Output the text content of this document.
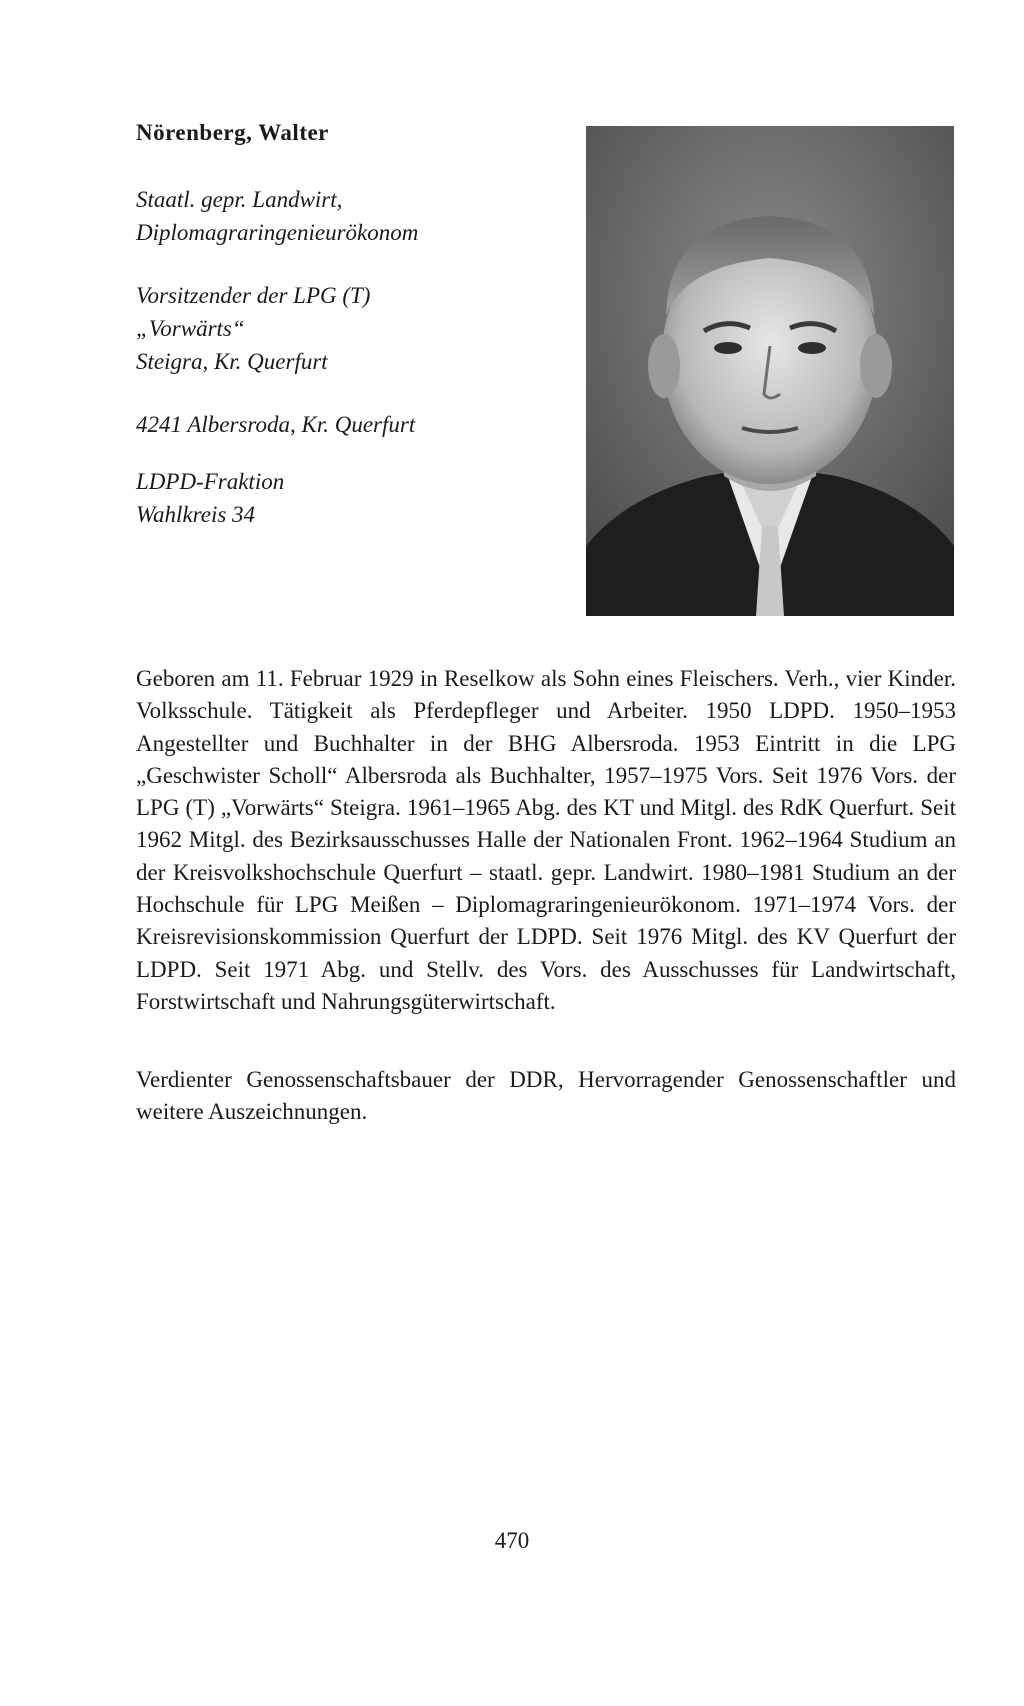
Nörenberg, Walter
Staatl. gepr. Landwirt,
Diplomagraringenieurökonom
Vorsitzender der LPG (T)
„Vorwärts“
Steigra, Kr. Querfurt
4241 Albersroda, Kr. Querfurt
LDPD-Fraktion
Wahlkreis 34

Geboren am 11. Februar 1929 in Reselkow als Sohn eines Fleischers. Verh., vier Kinder. Volksschule. Tätigkeit als Pferdepfleger und Arbeiter. 1950 LDPD. 1950–1953 Angestellter und Buchhalter in der BHG Albersroda. 1953 Eintritt in die LPG „Geschwister Scholl“ Albersroda als Buchhalter, 1957–1975 Vors. Seit 1976 Vors. der LPG (T) „Vorwärts“ Steigra. 1961–1965 Abg. des KT und Mitgl. des RdK Querfurt. Seit 1962 Mitgl. des Bezirksausschusses Halle der Nationalen Front. 1962–1964 Studium an der Kreisvolkshochschule Querfurt – staatl. gepr. Landwirt. 1980–1981 Studium an der Hochschule für LPG Meißen – Diplomagraringenieurökonom. 1971–1974 Vors. der Kreisrevisionskommission Querfurt der LDPD. Seit 1976 Mitgl. des KV Querfurt der LDPD. Seit 1971 Abg. und Stellv. des Vors. des Ausschusses für Landwirtschaft, Forstwirtschaft und Nahrungsgüterwirtschaft.

Verdienter Genossenschaftsbauer der DDR, Hervorragender Genossenschaftler und weitere Auszeichnungen.

470
